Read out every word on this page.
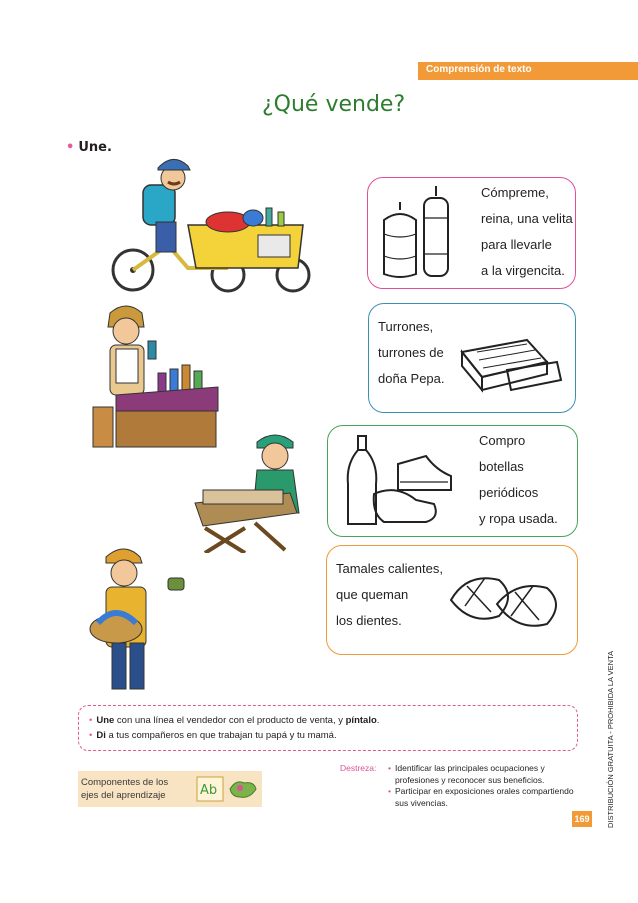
Comprensión de texto
¿Qué vende?
• Une.

Cómpreme,

reina, una velita

para llevarle

a la virgencita.

Turrones,

turrones de

doña Pepa.

Compro

botellas

periódicos

y ropa usada.

Tamales calientes,

que queman

los dientes.

• Une con una línea el vendedor con el producto de venta, y píntalo.

• Di a tus compañeros en que trabajan tu papá y tu mamá.

Componentes de los
ejes del aprendizaje	Ab
Destreza: • Identificar las principales ocupaciones y profesiones y reconocer sus beneficios.
• Participar en exposiciones orales compartiendo sus vivencias.
169	DISTRIBUCIÓN GRATUITA - PROHIBIDA LA VENTA
